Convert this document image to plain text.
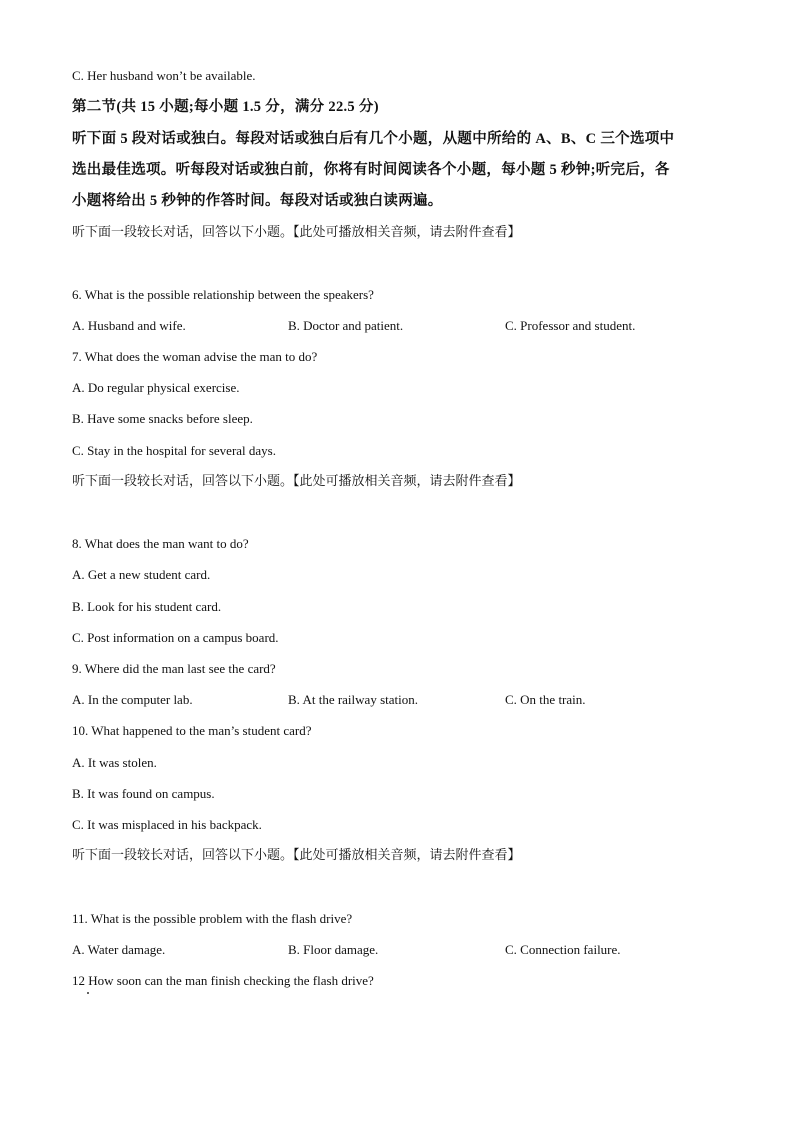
C. Her husband won’t be available.
第二节(共 15 小题;每小题 1.5 分，满分 22.5 分)
听下面 5 段对话或独白。每段对话或独白后有几个小题，从题中所给的 A、B、C 三个选项中
选出最佳选项。听每段对话或独白前，你将有时间阅读各个小题，每小题 5 秒钟;听完后，各
小题将给出 5 秒钟的作答时间。每段对话或独白读两遍。
听下面一段较长对话，回答以下小题。【此处可播放相关音频，请去附件查看】
6. What is the possible relationship between the speakers?
A. Husband and wife.	B. Doctor and patient.	C. Professor and student.
7. What does the woman advise the man to do?
A. Do regular physical exercise.
B. Have some snacks before sleep.
C. Stay in the hospital for several days.
听下面一段较长对话，回答以下小题。【此处可播放相关音频，请去附件查看】
8. What does the man want to do?
A. Get a new student card.
B. Look for his student card.
C. Post information on a campus board.
9. Where did the man last see the card?
A. In the computer lab.	B. At the railway station.	C. On the train.
10. What happened to the man’s student card?
A. It was stolen.
B. It was found on campus.
C. It was misplaced in his backpack.
听下面一段较长对话，回答以下小题。【此处可播放相关音频，请去附件查看】
11. What is the possible problem with the flash drive?
A. Water damage.	B. Floor damage.	C. Connection failure.
12 How soon can the man finish checking the flash drive?
